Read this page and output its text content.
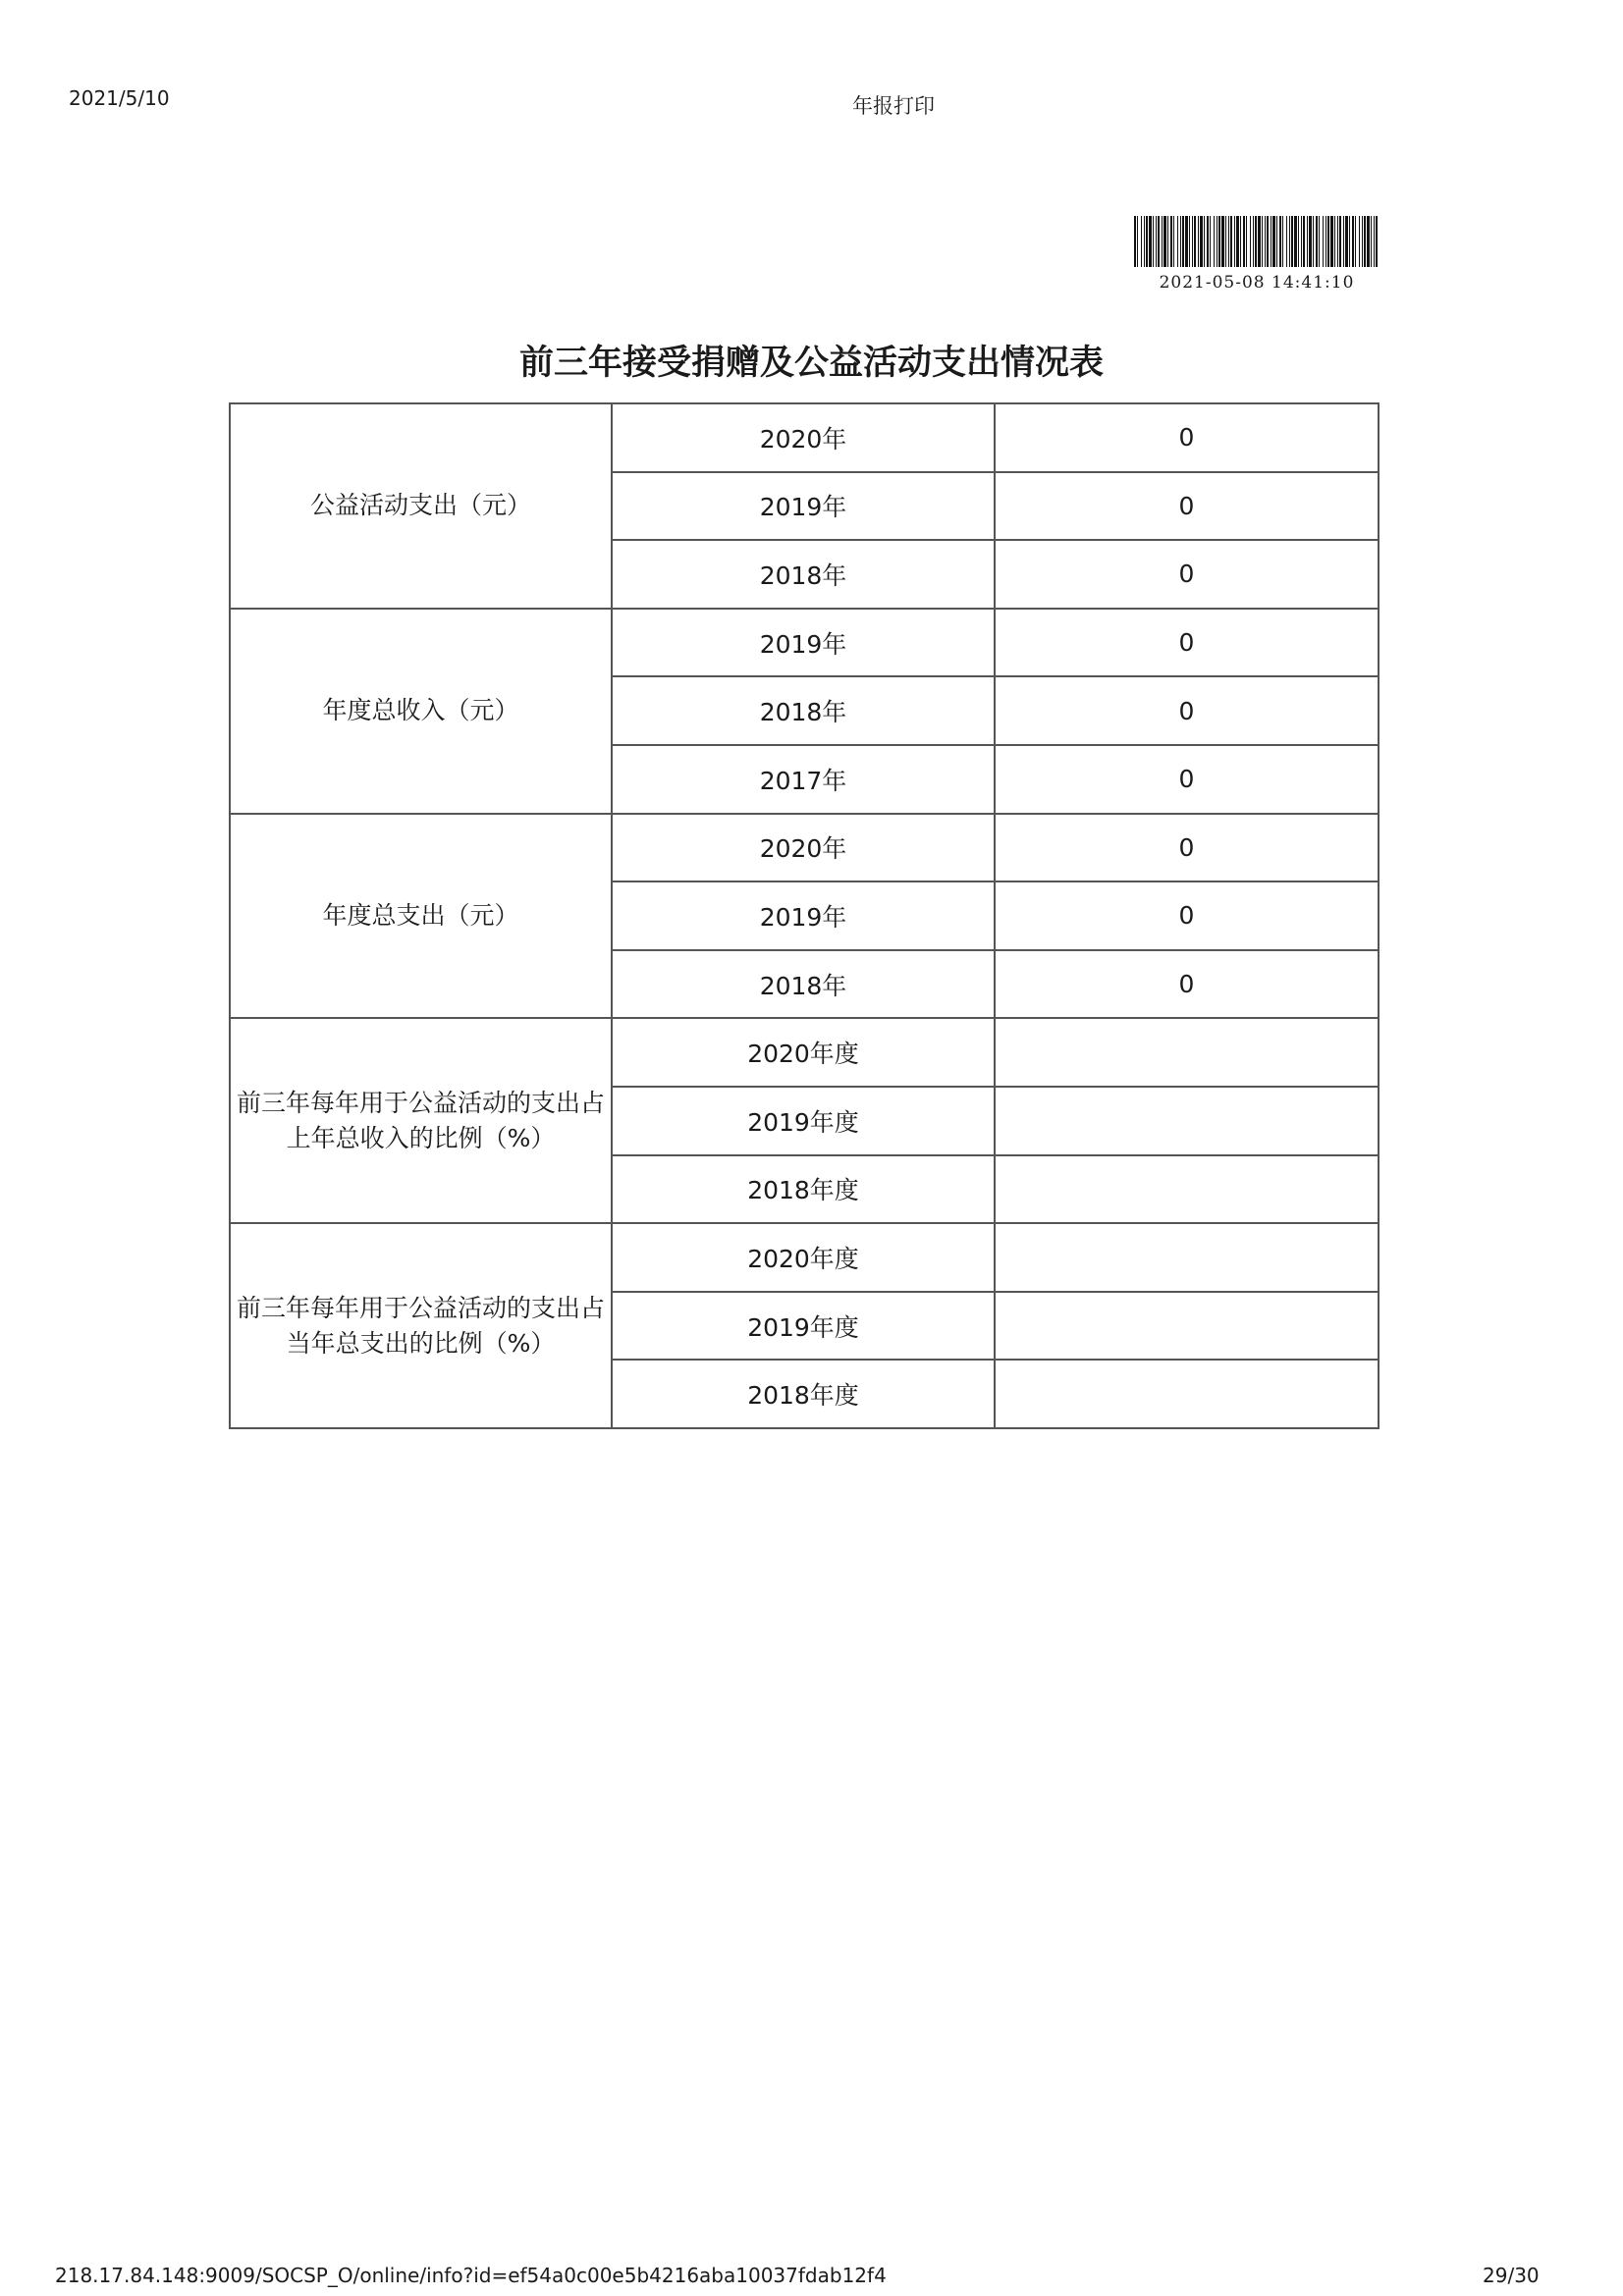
2021/5/10	年报打印
2021-05-08 14:41:10
前三年接受捐赠及公益活动支出情况表
公益活动支出（元）	2020年	0
	2019年	0
	2018年	0
年度总收入（元）	2019年	0
	2018年	0
	2017年	0
年度总支出（元）	2020年	0
	2019年	0
	2018年	0
前三年每年用于公益活动的支出占上年总收入的比例（%）	2020年度	
	2019年度	
	2018年度	
前三年每年用于公益活动的支出占当年总支出的比例（%）	2020年度	
	2019年度	
	2018年度	
218.17.84.148:9009/SOCSP_O/online/info?id=ef54a0c00e5b4216aba10037fdab12f4	29/30
